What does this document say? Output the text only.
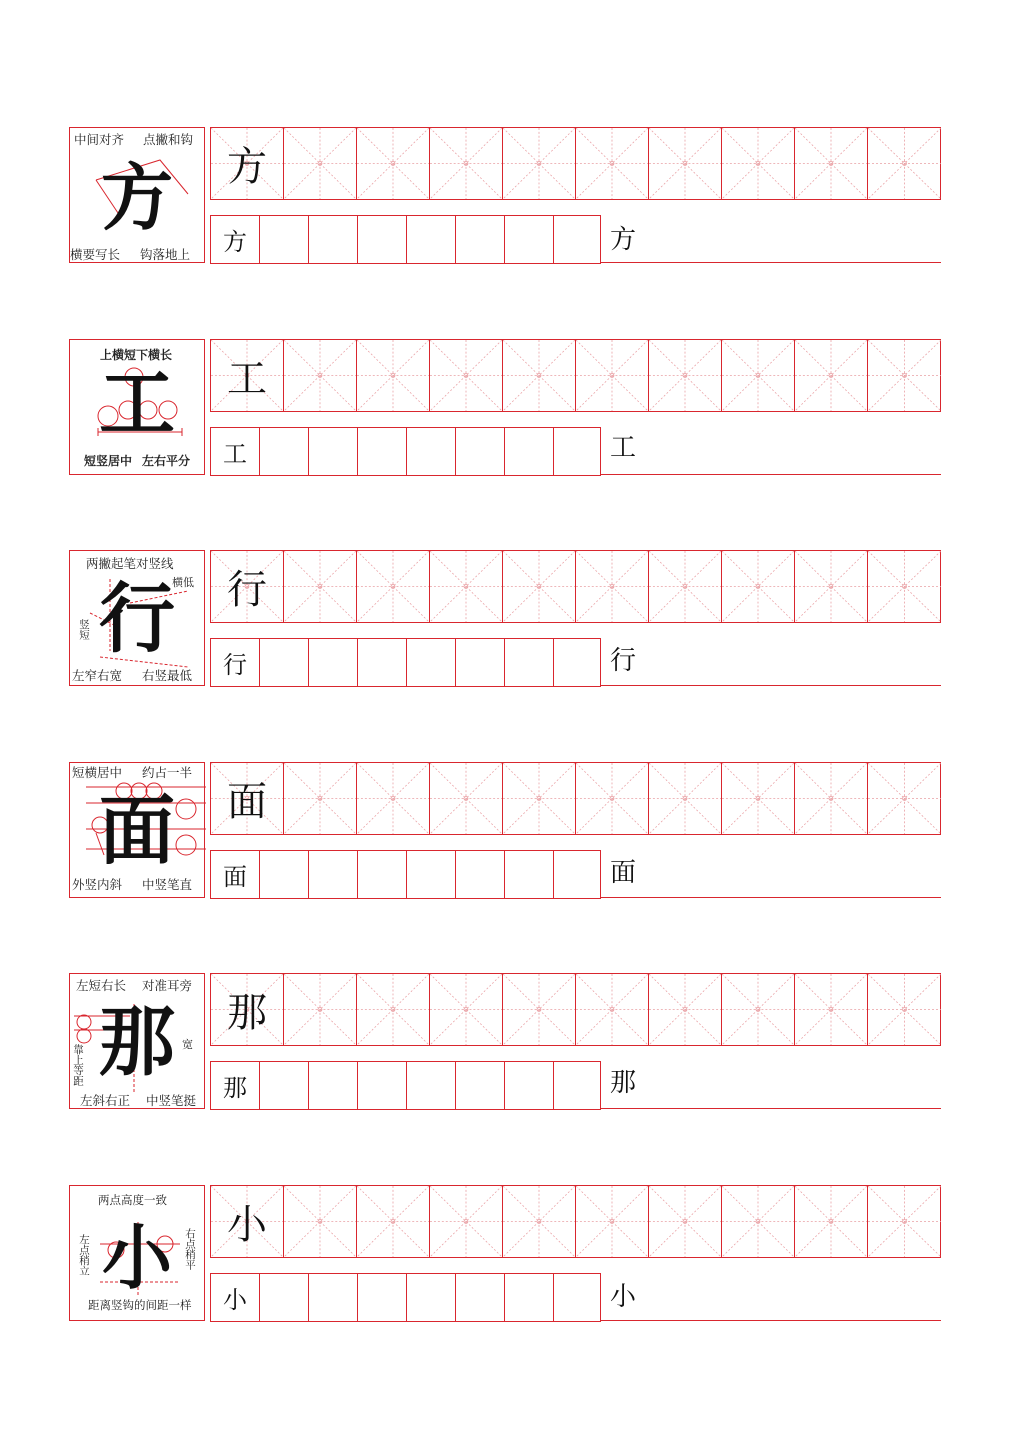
中间对齐 点撇和钩
方
横要写长 钩落地上
方
方	方
上横短下横长
工
短竖居中 左右平分
工
工	工
两撇起笔对竖线
横低
竖短 行
左窄右宽 右竖最低
行
行	行
短横居中 约占一半
面
外竖内斜 中竖笔直
面
面	面
左短右长 对准耳旁
靠上等距 那 宽
左斜右正 中竖笔挺
那
那	那
两点高度一致
左点稍立	右点稍平
小
距离竖钩的间距一样
小
小	小
